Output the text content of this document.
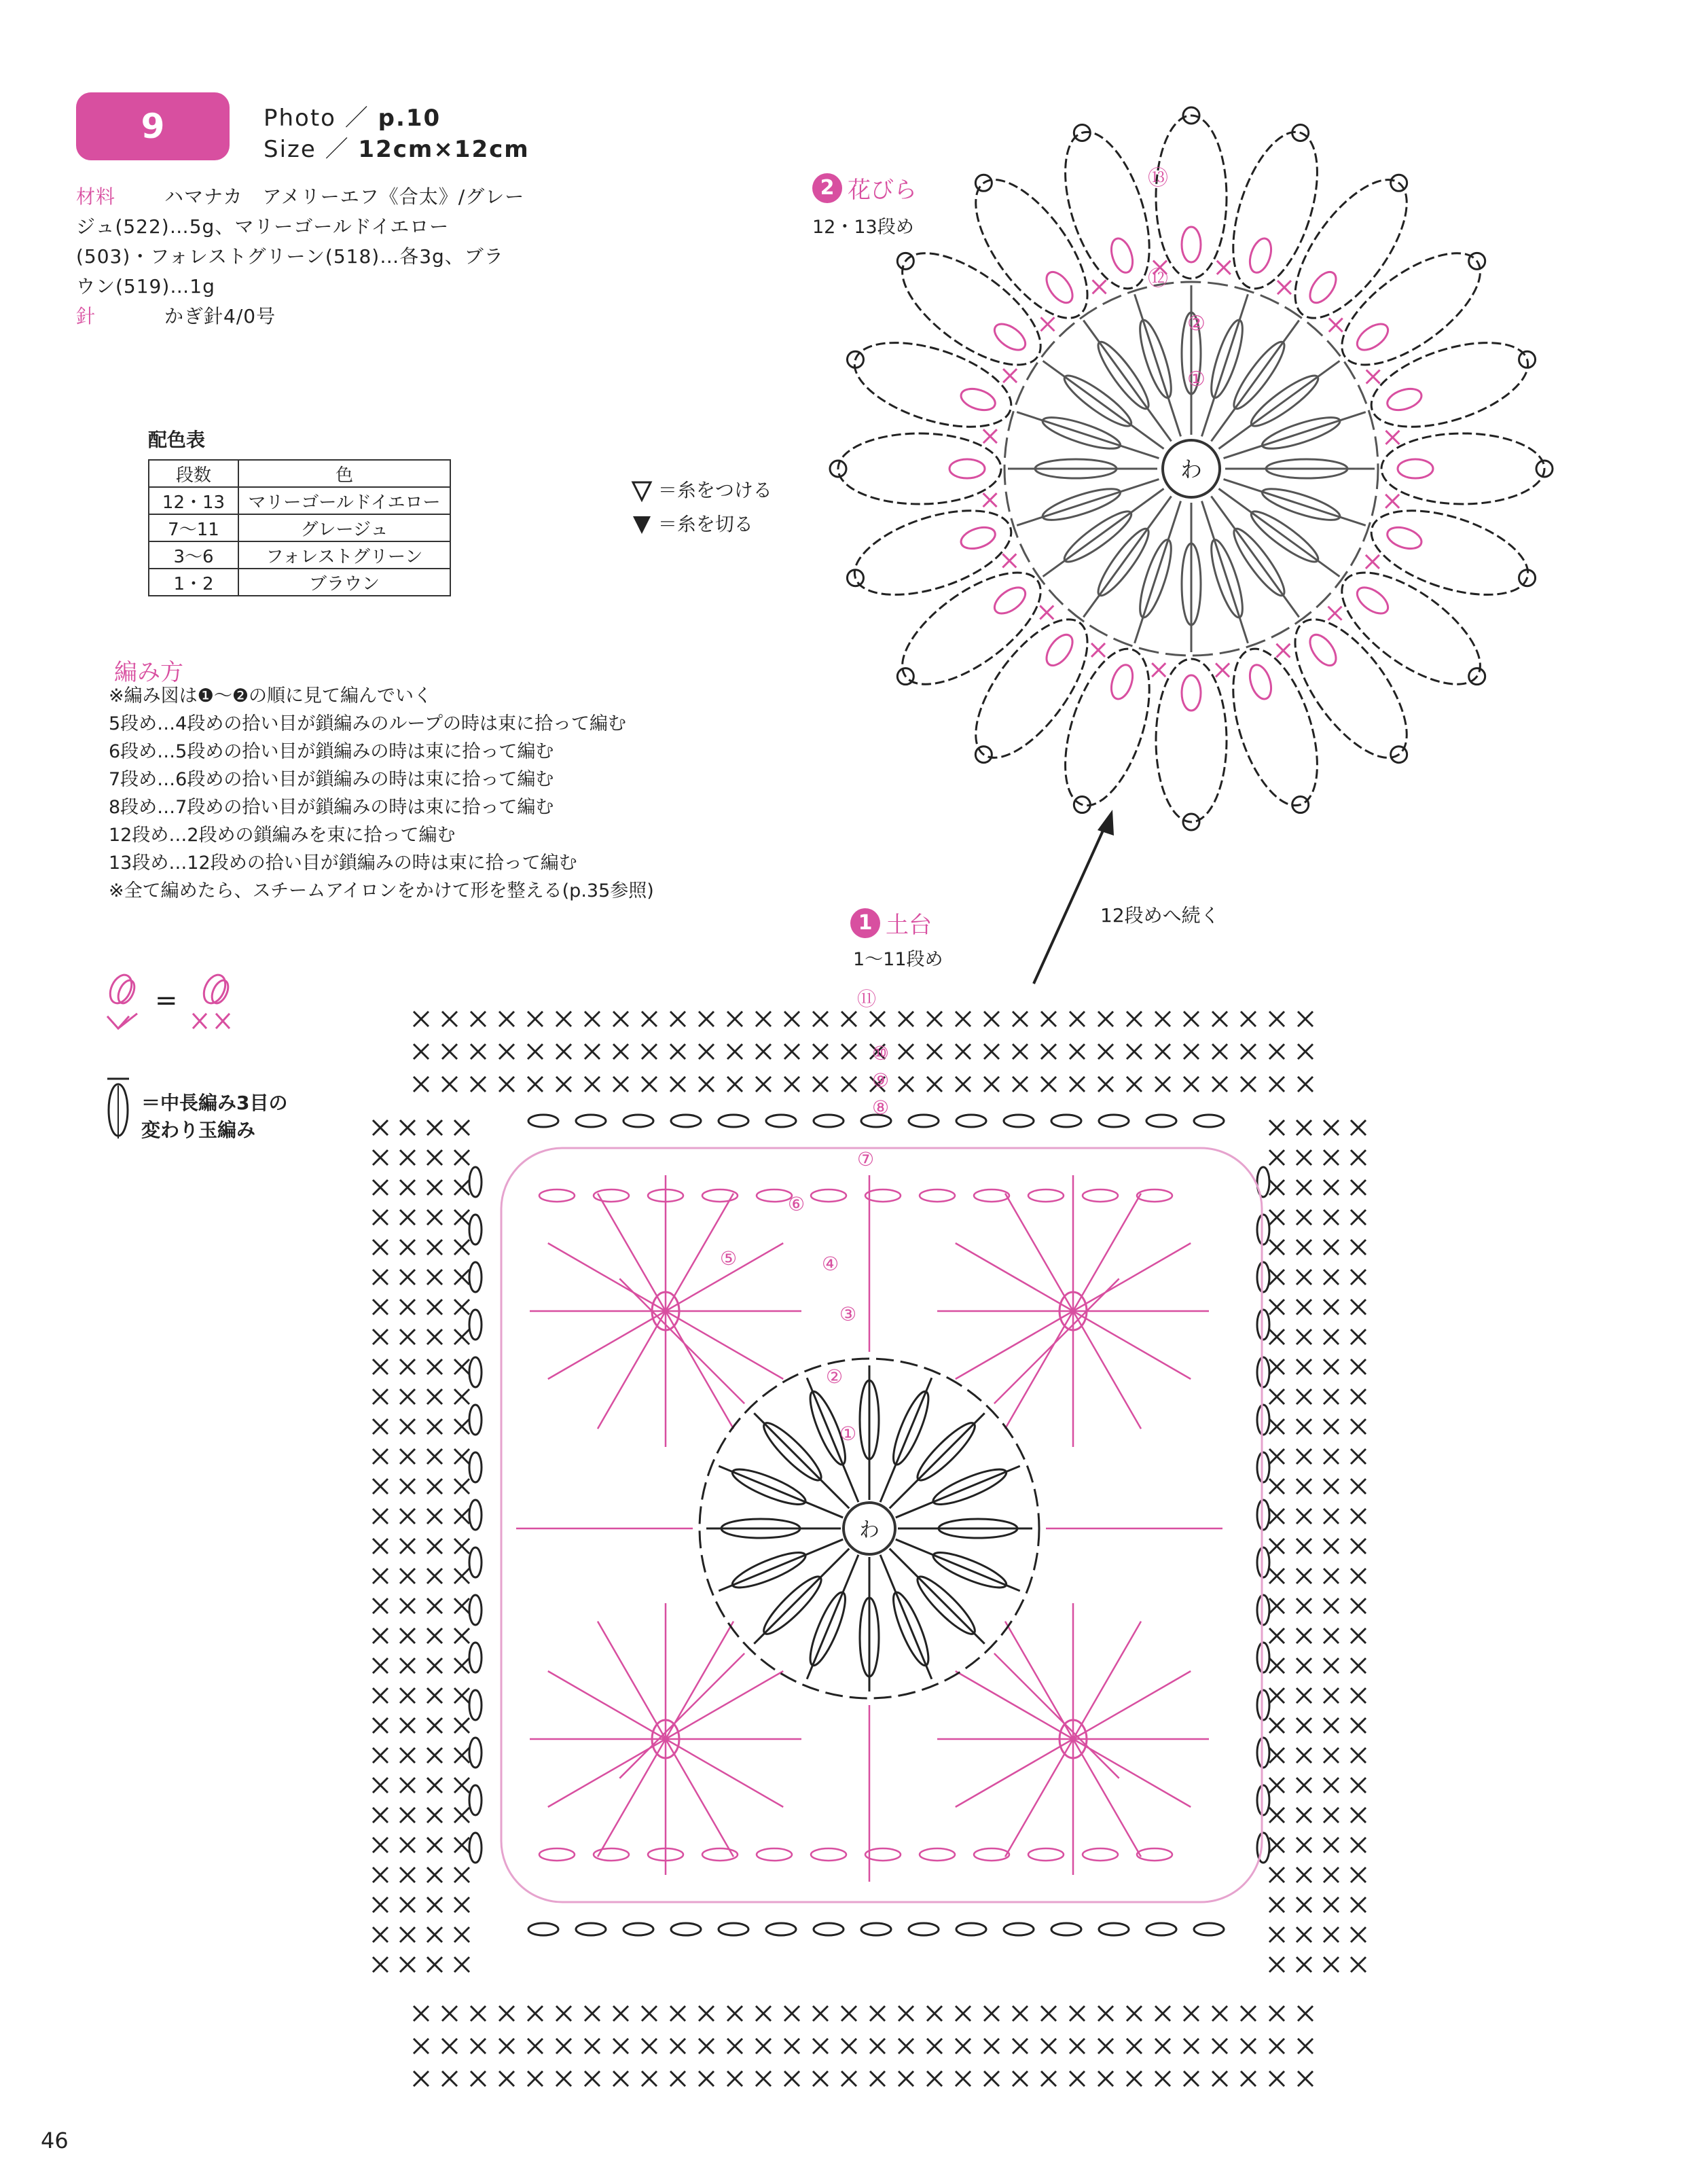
9	Photo ／ p.10
Size ／ 12cm×12cm
材料	ハマナカ　アメリーエフ《合太》/グレー
ジュ(522)…5g、マリーゴールドイエロー
(503)・フォレストグリーン(518)…各3g、ブラ
ウン(519)…1g
針	かぎ針4/0号
配色表
段数	色
12・13	マリーゴールドイエロー
7〜11	グレージュ
3〜6	フォレストグリーン
1・2	ブラウン
＝糸をつける
＝糸を切る
編み方
※編み図は❶〜❷の順に見て編んでいく
5段め…4段めの拾い目が鎖編みのループの時は束に拾って編む
6段め…5段めの拾い目が鎖編みの時は束に拾って編む
7段め…6段めの拾い目が鎖編みの時は束に拾って編む
8段め…7段めの拾い目が鎖編みの時は束に拾って編む
12段め…2段めの鎖編みを束に拾って編む
13段め…12段めの拾い目が鎖編みの時は束に拾って編む
※全て編めたら、スチームアイロンをかけて形を整える(p.35参照)
=
＝中長編み3目の
変わり玉編み
2 花びら
12・13段め
わ
⑬
⑫
②
①
12段めへ続く
1 土台
1〜11段め
わ
⑪
⑩
⑨
⑧
⑦
⑥
⑤	④
③
②
①
46
